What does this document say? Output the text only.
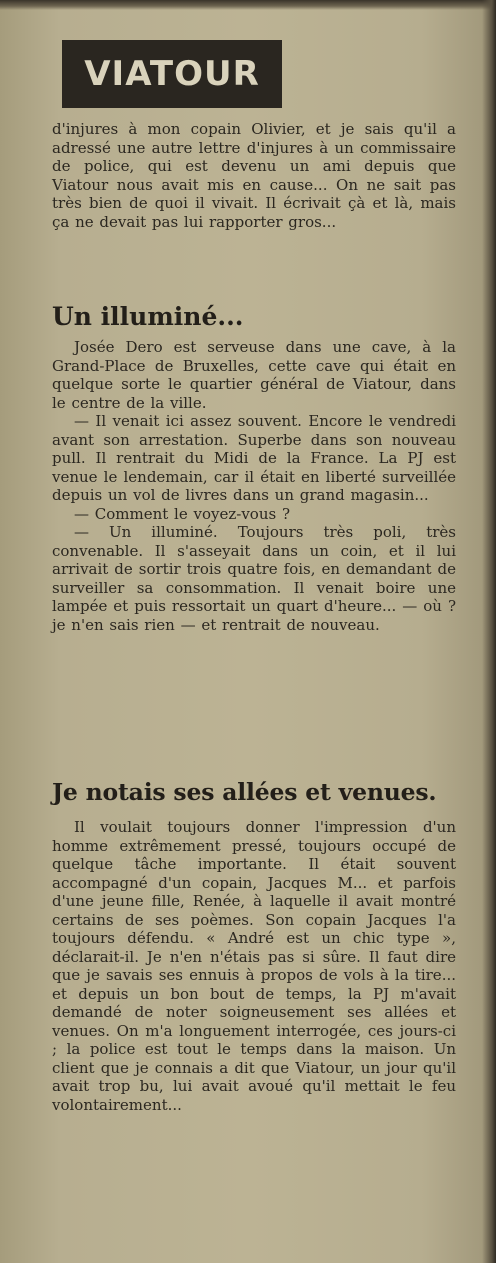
VIATOUR

d'injures à mon copain Olivier, et je sais qu'il a adressé une autre lettre d'injures à un commissaire de police, qui est devenu un ami depuis que Viatour nous avait mis en cause... On ne sait pas très bien de quoi il vivait. Il écrivait çà et là, mais ça ne devait pas lui rapporter gros...

Un illuminé...

Josée Dero est serveuse dans une cave, à la Grand-Place de Bruxelles, cette cave qui était en quelque sorte le quartier général de Viatour, dans le centre de la ville.

— Il venait ici assez souvent. Encore le vendredi avant son arrestation. Superbe dans son nouveau pull. Il rentrait du Midi de la France. La PJ est venue le lendemain, car il était en liberté surveillée depuis un vol de livres dans un grand magasin...

— Comment le voyez-vous ?

— Un illuminé. Toujours très poli, très convenable. Il s'asseyait dans un coin, et il lui arrivait de sortir trois quatre fois, en demandant de surveiller sa consommation. Il venait boire une lampée et puis ressortait un quart d'heure... — où ? je n'en sais rien — et rentrait de nouveau.

Je notais ses allées et venues.

Il voulait toujours donner l'impression d'un homme extrêmement pressé, toujours occupé de quelque tâche importante. Il était souvent accompagné d'un copain, Jacques M... et parfois d'une jeune fille, Renée, à laquelle il avait montré certains de ses poèmes. Son copain Jacques l'a toujours défendu. « André est un chic type », déclarait-il. Je n'en n'étais pas si sûre. Il faut dire que je savais ses ennuis à propos de vols à la tire... et depuis un bon bout de temps, la PJ m'avait demandé de noter soigneusement ses allées et venues. On m'a longuement interrogée, ces jours-ci ; la police est tout le temps dans la maison. Un client que je connais a dit que Viatour, un jour qu'il avait trop bu, lui avait avoué qu'il mettait le feu volontairement...
